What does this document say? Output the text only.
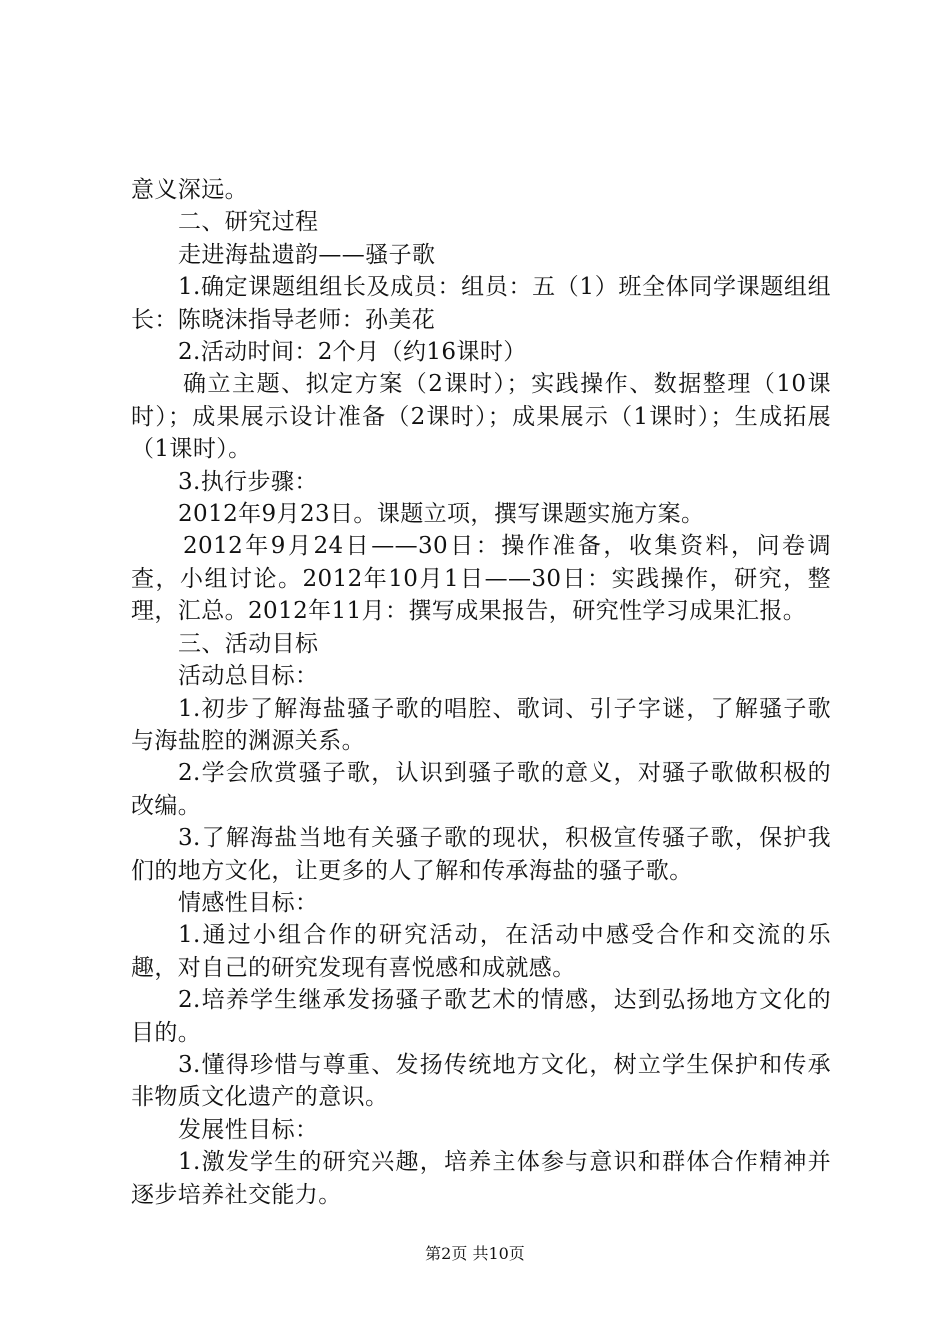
意义深远。

二、研究过程

走进海盐遗韵——骚子歌

1.确定课题组组长及成员：组员：五（1）班全体同学课题组组长：陈晓沫指导老师：孙美花

2.活动时间：2个月（约16课时）

确立主题、拟定方案（2课时）；实践操作、数据整理（10课时）；成果展示设计准备（2课时）；成果展示（1课时）；生成拓展（1课时）。

3.执行步骤：

2012年9月23日。课题立项，撰写课题实施方案。

2012年9月24日——30日：操作准备，收集资料，问卷调查，小组讨论。2012年10月1日——30日：实践操作，研究，整理，汇总。2012年11月：撰写成果报告，研究性学习成果汇报。

三、活动目标

活动总目标：

1.初步了解海盐骚子歌的唱腔、歌词、引子字谜，了解骚子歌与海盐腔的渊源关系。

2.学会欣赏骚子歌，认识到骚子歌的意义，对骚子歌做积极的改编。

3.了解海盐当地有关骚子歌的现状，积极宣传骚子歌，保护我们的地方文化，让更多的人了解和传承海盐的骚子歌。

情感性目标：

1.通过小组合作的研究活动，在活动中感受合作和交流的乐趣，对自己的研究发现有喜悦感和成就感。

2.培养学生继承发扬骚子歌艺术的情感，达到弘扬地方文化的目的。

3.懂得珍惜与尊重、发扬传统地方文化，树立学生保护和传承非物质文化遗产的意识。

发展性目标：

1.激发学生的研究兴趣，培养主体参与意识和群体合作精神并逐步培养社交能力。

第2页 共10页
